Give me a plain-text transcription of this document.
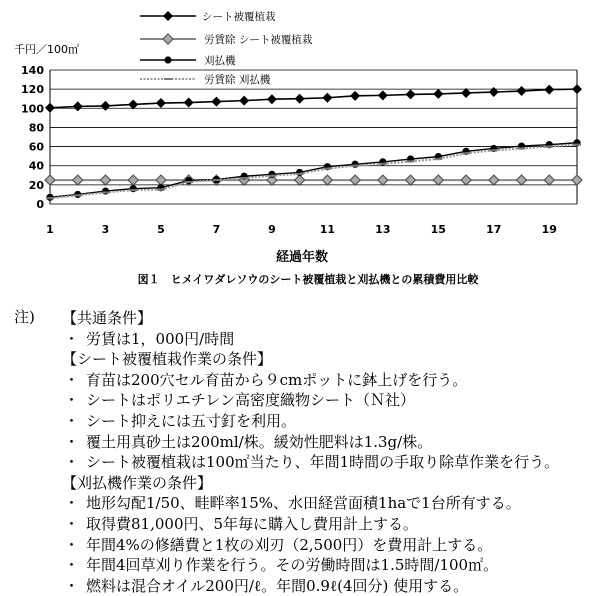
シート被覆植栽
労賃除 シート被覆植栽
刈払機
労賃除 刈払機
千円／100㎡
0
20
40
60
80
100
120
140
1	3	5	7	9	11	13	15	17	19
経過年数
図１　ヒメイワダレソウのシート被覆植栽と刈払機との累積費用比較
注) 【共通条件】
・ 労賃は1，000円/時間
【シート被覆植栽作業の条件】
・ 育苗は200穴セル育苗から９cmポットに鉢上げを行う。
・ シートはポリエチレン高密度織物シート（Ｎ社）
・ シート抑えには五寸釘を利用。
・ 覆土用真砂土は200ml/株。緩効性肥料は1.3g/株。
・ シート被覆植栽は100㎡当たり、年間1時間の手取り除草作業を行う。
【刈払機作業の条件】
・ 地形勾配1/50、畦畔率15%、水田経営面積1haで1台所有する。
・ 取得費81,000円、5年毎に購入し費用計上する。
・ 年間4%の修繕費と1枚の刈刃（2,500円）を費用計上する。
・ 年間4回草刈り作業を行う。その労働時間は1.5時間/100㎡。
・ 燃料は混合オイル200円/ℓ。年間0.9ℓ(4回分) 使用する。
